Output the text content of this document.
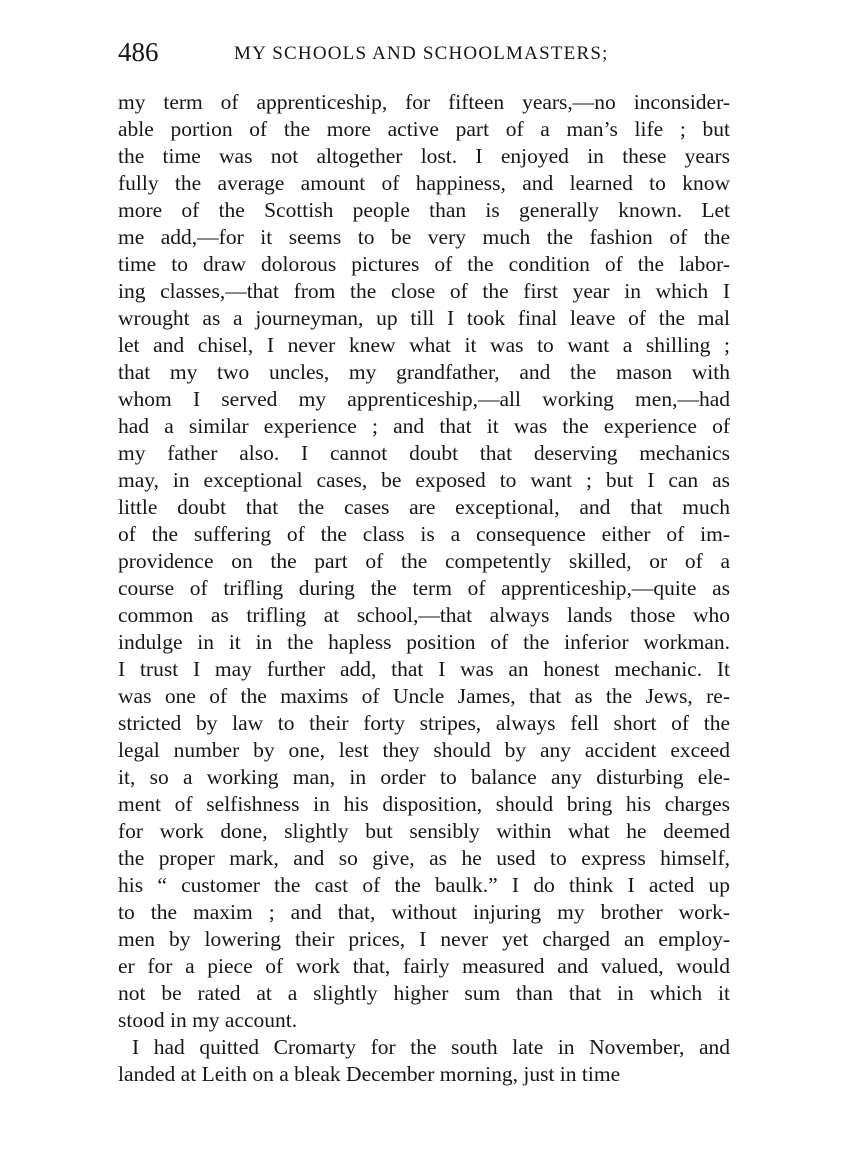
486	MY SCHOOLS AND SCHOOLMASTERS;
my term of apprenticeship, for fifteen years,—no inconsider-
able portion of the more active part of a man’s life ; but
the time was not altogether lost. I enjoyed in these years
fully the average amount of happiness, and learned to know
more of the Scottish people than is generally known. Let
me add,—for it seems to be very much the fashion of the
time to draw dolorous pictures of the condition of the labor-
ing classes,—that from the close of the first year in which I
wrought as a journeyman, up till I took final leave of the mal
let and chisel, I never knew what it was to want a shilling ;
that my two uncles, my grandfather, and the mason with
whom I served my apprenticeship,—all working men,—had
had a similar experience ; and that it was the experience of
my father also. I cannot doubt that deserving mechanics
may, in exceptional cases, be exposed to want ; but I can as
little doubt that the cases are exceptional, and that much
of the suffering of the class is a consequence either of im-
providence on the part of the competently skilled, or of a
course of trifling during the term of apprenticeship,—quite as
common as trifling at school,—that always lands those who
indulge in it in the hapless position of the inferior workman.
I trust I may further add, that I was an honest mechanic. It
was one of the maxims of Uncle James, that as the Jews, re-
stricted by law to their forty stripes, always fell short of the
legal number by one, lest they should by any accident exceed
it, so a working man, in order to balance any disturbing ele-
ment of selfishness in his disposition, should bring his charges
for work done, slightly but sensibly within what he deemed
the proper mark, and so give, as he used to express himself,
his “ customer the cast of the baulk.” I do think I acted up
to the maxim ; and that, without injuring my brother work-
men by lowering their prices, I never yet charged an employ-
er for a piece of work that, fairly measured and valued, would
not be rated at a slightly higher sum than that in which it
stood in my account.
I had quitted Cromarty for the south late in November, and
landed at Leith on a bleak December morning, just in time
